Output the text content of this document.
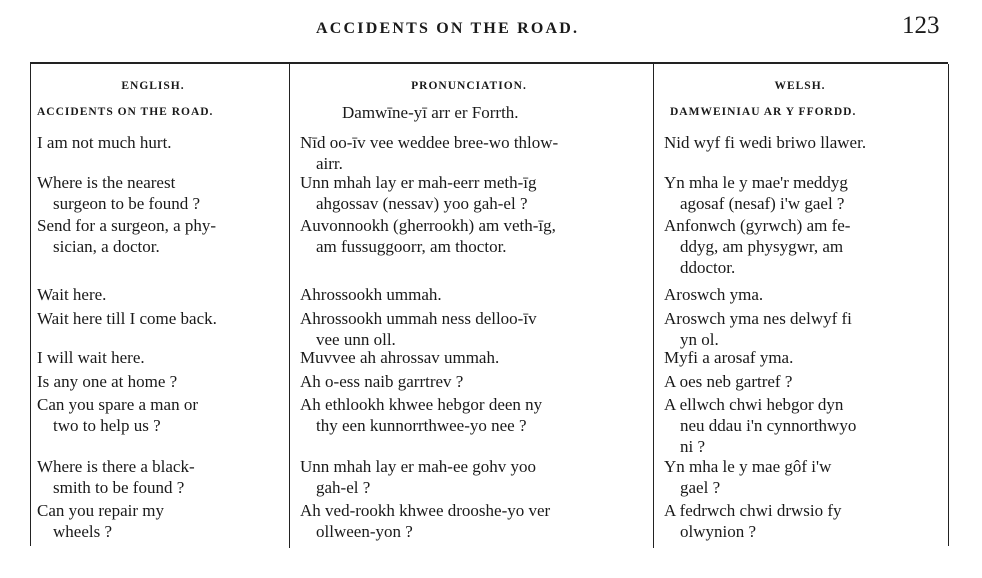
ACCIDENTS ON THE ROAD.	123
ENGLISH.
ACCIDENTS ON THE ROAD.
I am not much hurt.
Where is the nearest
surgeon to be found ?
Send for a surgeon, a phy-
sician, a doctor.
Wait here.
Wait here till I come back.
I will wait here.
Is any one at home ?
Can you spare a man or
two to help us ?
Where is there a black-
smith to be found ?
Can you repair my
wheels ?
PRONUNCIATION.
Damwīne-yī arr er Forrth.
Nīd oo-īv vee weddee bree-wo thlow-
airr.
Unn mhah lay er mah-eerr meth-īg
ahgossav (nessav) yoo gah-el ?
Auvonnookh (gherrookh) am veth-īg,
am fussuggoorr, am thoctor.
Ahrossookh ummah.
Ahrossookh ummah ness delloo-īv
vee unn oll.
Muvvee ah ahrossav ummah.
Ah o-ess naib garrtrev ?
Ah ethlookh khwee hebgor deen ny
thy een kunnorrthwee-yo nee ?
Unn mhah lay er mah-ee gohv yoo
gah-el ?
Ah ved-rookh khwee drooshe-yo ver
ollween-yon ?
WELSH.
DAMWEINIAU AR Y FFORDD.
Nid wyf fi wedi briwo llawer.
Yn mha le y mae'r meddyg
agosaf (nesaf) i'w gael ?
Anfonwch (gyrwch) am fe-
ddyg, am physygwr, am
ddoctor.
Aroswch yma.
Aroswch yma nes delwyf fi
yn ol.
Myfi a arosaf yma.
A oes neb gartref ?
A ellwch chwi hebgor dyn
neu ddau i'n cynnorthwyo
ni ?
Yn mha le y mae gôf i'w
gael ?
A fedrwch chwi drwsio fy
olwynion ?
